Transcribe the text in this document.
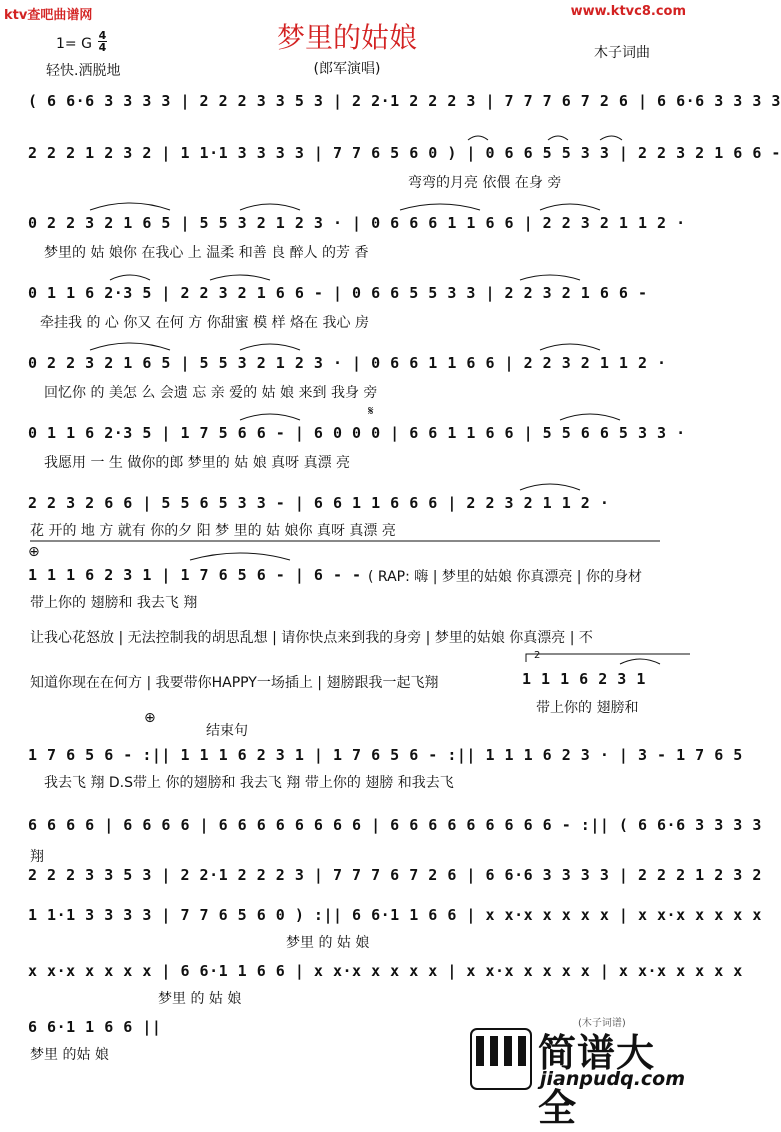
ktv查吧曲谱网	www.ktvc8.com
梦里的姑娘
(郎军演唱)
木子词曲
1= G
4
4
轻快.洒脱地
( 6 6·6 3 3 3 3 | 2 2 2 3 3 5 3 | 2 2·1 2 2 2 3 | 7 7 7 6 7 2 6 | 6 6·6 3 3 3 3
2 2 2 1 2 3 2 | 1 1·1 3 3 3 3 | 7 7 6 5 6 0 ) | 0 6 6 5 5 3 3 | 2 2 3 2 1 6 6 -
弯弯的月亮 依偎 在身 旁
0 2 2 3 2 1 6 5 | 5 5 3 2 1 2 3 · | 0 6 6 6 1 1 6 6 | 2 2 3 2 1 1 2 ·
梦里的 姑 娘你 在我心 上 温柔 和善 良 醉人 的芳 香
0 1 1 6 2·3 5 | 2 2 3 2 1 6 6 - | 0 6 6 5 5 3 3 | 2 2 3 2 1 6 6 -
牵挂我 的 心 你又 在何 方 你甜蜜 模 样 烙在 我心 房
0 2 2 3 2 1 6 5 | 5 5 3 2 1 2 3 · | 0 6 6 1 1 6 6 | 2 2 3 2 1 1 2 ·
回忆你 的 美怎 么 会遗 忘 亲 爱的 姑 娘 来到 我身 旁
𝄋
0 1 1 6 2·3 5 | 1 7 5 6 6 - | 6 0 0 0 | 6 6 1 1 6 6 | 5 5 6 6 5 3 3 ·
我愿用 一 生 做你的郎 梦里的 姑 娘 真呀 真漂 亮
2 2 3 2 6 6 | 5 5 6 5 3 3 - | 6 6 1 1 6 6 6 | 2 2 3 2 1 1 2 ·
花 开的 地 方 就有 你的夕 阳 梦 里的 姑 娘你 真呀 真漂 亮
⊕
1 1 1 6 2 3 1 | 1 7 6 5 6 - | 6 - - ( RAP: 嗨 | 梦里的姑娘 你真漂亮 | 你的身材
带上你的 翅膀和 我去飞 翔
让我心花怒放 | 无法控制我的胡思乱想 | 请你快点来到我的身旁 | 梦里的姑娘 你真漂亮 | 不
知道你现在在何方 | 我要带你HAPPY一场插上 | 翅膀跟我一起飞翔
2
1 1 1 6 2 3 1
带上你的 翅膀和
⊕
结束句
1 7 6 5 6 - :|| 1 1 1 6 2 3 1 | 1 7 6 5 6 - :|| 1 1 1 6 2 3 · | 3 - 1 7 6 5
我去飞 翔 D.S带上 你的翅膀和 我去飞 翔 带上你的 翅膀 和我去飞
6 6 6 6 | 6 6 6 6 | 6 6 6 6 6 6 6 6 | 6 6 6 6 6 6 6 6 6 - :|| ( 6 6·6 3 3 3 3
翔
2 2 2 3 3 5 3 | 2 2·1 2 2 2 3 | 7 7 7 6 7 2 6 | 6 6·6 3 3 3 3 | 2 2 2 1 2 3 2
1 1·1 3 3 3 3 | 7 7 6 5 6 0 ) :|| 6 6·1 1 6 6 | x x·x x x x x | x x·x x x x x
梦里 的 姑 娘
x x·x x x x x | 6 6·1 1 6 6 | x x·x x x x x | x x·x x x x x | x x·x x x x x
梦里 的 姑 娘
6 6·1 1 6 6 ||
梦里 的姑 娘
(木子词谱)
简谱大全
jianpudq.com
